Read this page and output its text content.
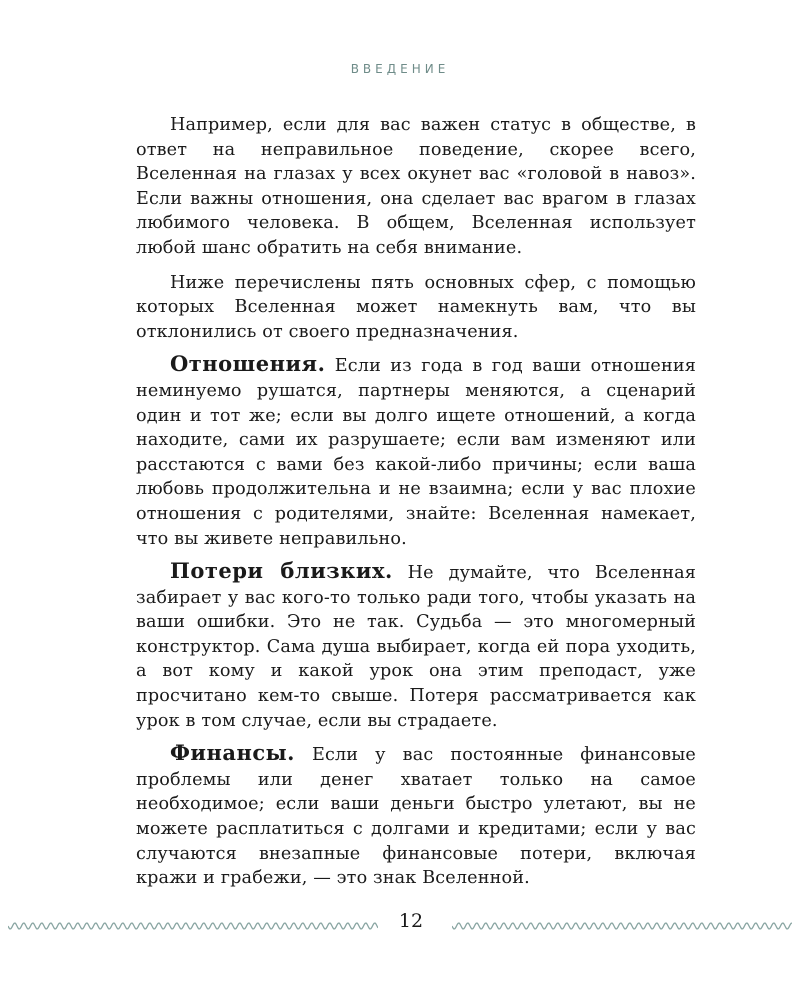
ВВЕДЕНИЕ

Например, если для вас важен статус в обществе, в ответ на неправильное поведение, скорее всего, Вселенная на глазах у всех окунет вас «головой в навоз». Если важны отношения, она сделает вас врагом в глазах любимого человека. В общем, Вселенная использует любой шанс обратить на себя внимание.

Ниже перечислены пять основных сфер, с помощью которых Вселенная может намекнуть вам, что вы отклонились от своего предназначения.

Отношения. Если из года в год ваши отношения неминуемо рушатся, партнеры меняются, а сценарий один и тот же; если вы долго ищете отношений, а когда находите, сами их разрушаете; если вам изменяют или расстаются с вами без какой-либо причины; если ваша любовь продолжительна и не взаимна; если у вас плохие отношения с родителями, знайте: Вселенная намекает, что вы живете неправильно.

Потери близких. Не думайте, что Вселенная забирает у вас кого-то только ради того, чтобы указать на ваши ошибки. Это не так. Судьба — это многомерный конструктор. Сама душа выбирает, когда ей пора уходить, а вот кому и какой урок она этим преподаст, уже просчитано кем-то свыше. Потеря рассматривается как урок в том случае, если вы страдаете.

Финансы. Если у вас постоянные финансовые проблемы или денег хватает только на самое необходимое; если ваши деньги быстро улетают, вы не можете расплатиться с долгами и кредитами; если у вас случаются внезапные финансовые потери, включая кражи и грабежи, — это знак Вселенной.

12
